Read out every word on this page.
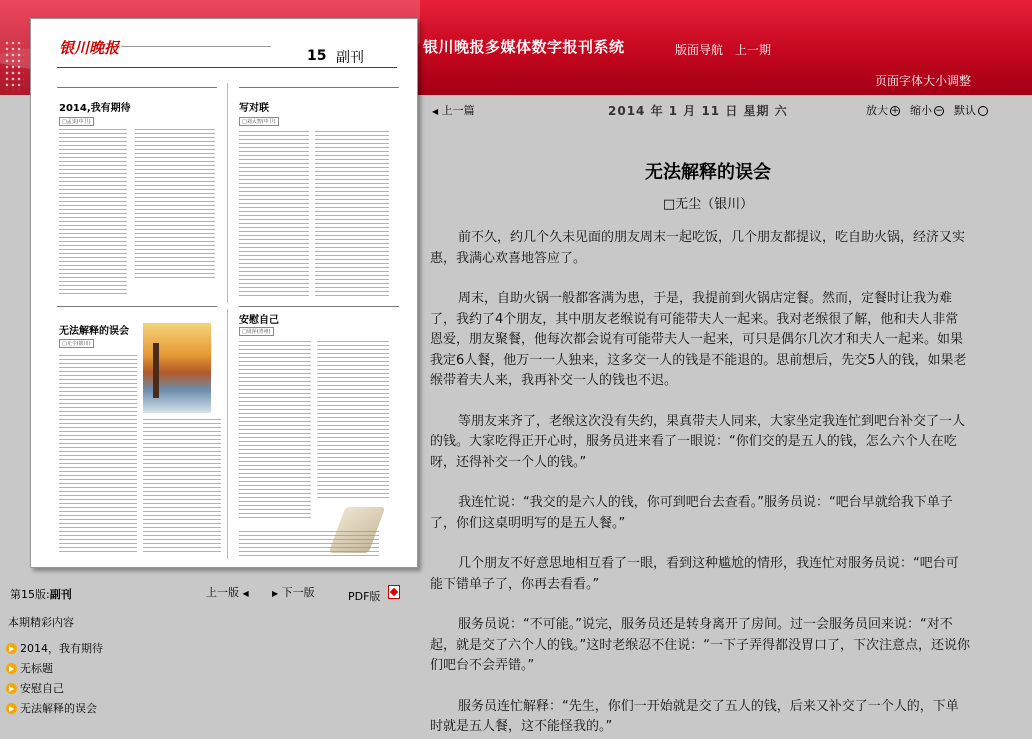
银川晚报多媒体数字报刊系统	版面导航 上一期
页面字体大小调整
银川晚报	15 副刊
2014,我有期待
□孟雯(中卫)
写对联
□刘大智(中卫)
无法解释的误会
□无尘(银川)
安慰自己
□周萍(青州)
第15版:副刊	上一版 ◀	▶ 下一版	PDF版
本期精彩内容
2014，我有期待
无标题
安慰自己
无法解释的误会
◀ 上一篇	2014 年 1 月 11 日 星期 六	放大 + 缩小 − 默认
无法解释的误会
□无尘（银川）

前不久，约几个久未见面的朋友周末一起吃饭，几个朋友都提议，吃自助火锅，经济又实惠，我满心欢喜地答应了。

周末，自助火锅一般都客满为患，于是，我提前到火锅店定餐。然而，定餐时让我为难了，我约了4个朋友，其中朋友老缑说有可能带夫人一起来。我对老缑很了解，他和夫人非常恩爱，朋友聚餐，他每次都会说有可能带夫人一起来，可只是偶尔几次才和夫人一起来。如果我定6人餐，他万一一人独来，这多交一人的钱是不能退的。思前想后，先交5人的钱，如果老缑带着夫人来，我再补交一人的钱也不迟。

等朋友来齐了，老缑这次没有失约，果真带夫人同来，大家坐定我连忙到吧台补交了一人的钱。大家吃得正开心时，服务员进来看了一眼说：“你们交的是五人的钱，怎么六个人在吃呀，还得补交一个人的钱。”

我连忙说：“我交的是六人的钱，你可到吧台去查看。”服务员说：“吧台早就给我下单子了，你们这桌明明写的是五人餐。”

几个朋友不好意思地相互看了一眼，看到这种尴尬的情形，我连忙对服务员说：“吧台可能下错单子了，你再去看看。”

服务员说：“不可能。”说完，服务员还是转身离开了房间。过一会服务员回来说：“对不起，就是交了六个人的钱。”这时老缑忍不住说：“一下子弄得都没胃口了，下次注意点，还说你们吧台不会弄错。”

服务员连忙解释：“先生，你们一开始就是交了五人的钱，后来又补交了一个人的，下单时就是五人餐，这不能怪我的。”
